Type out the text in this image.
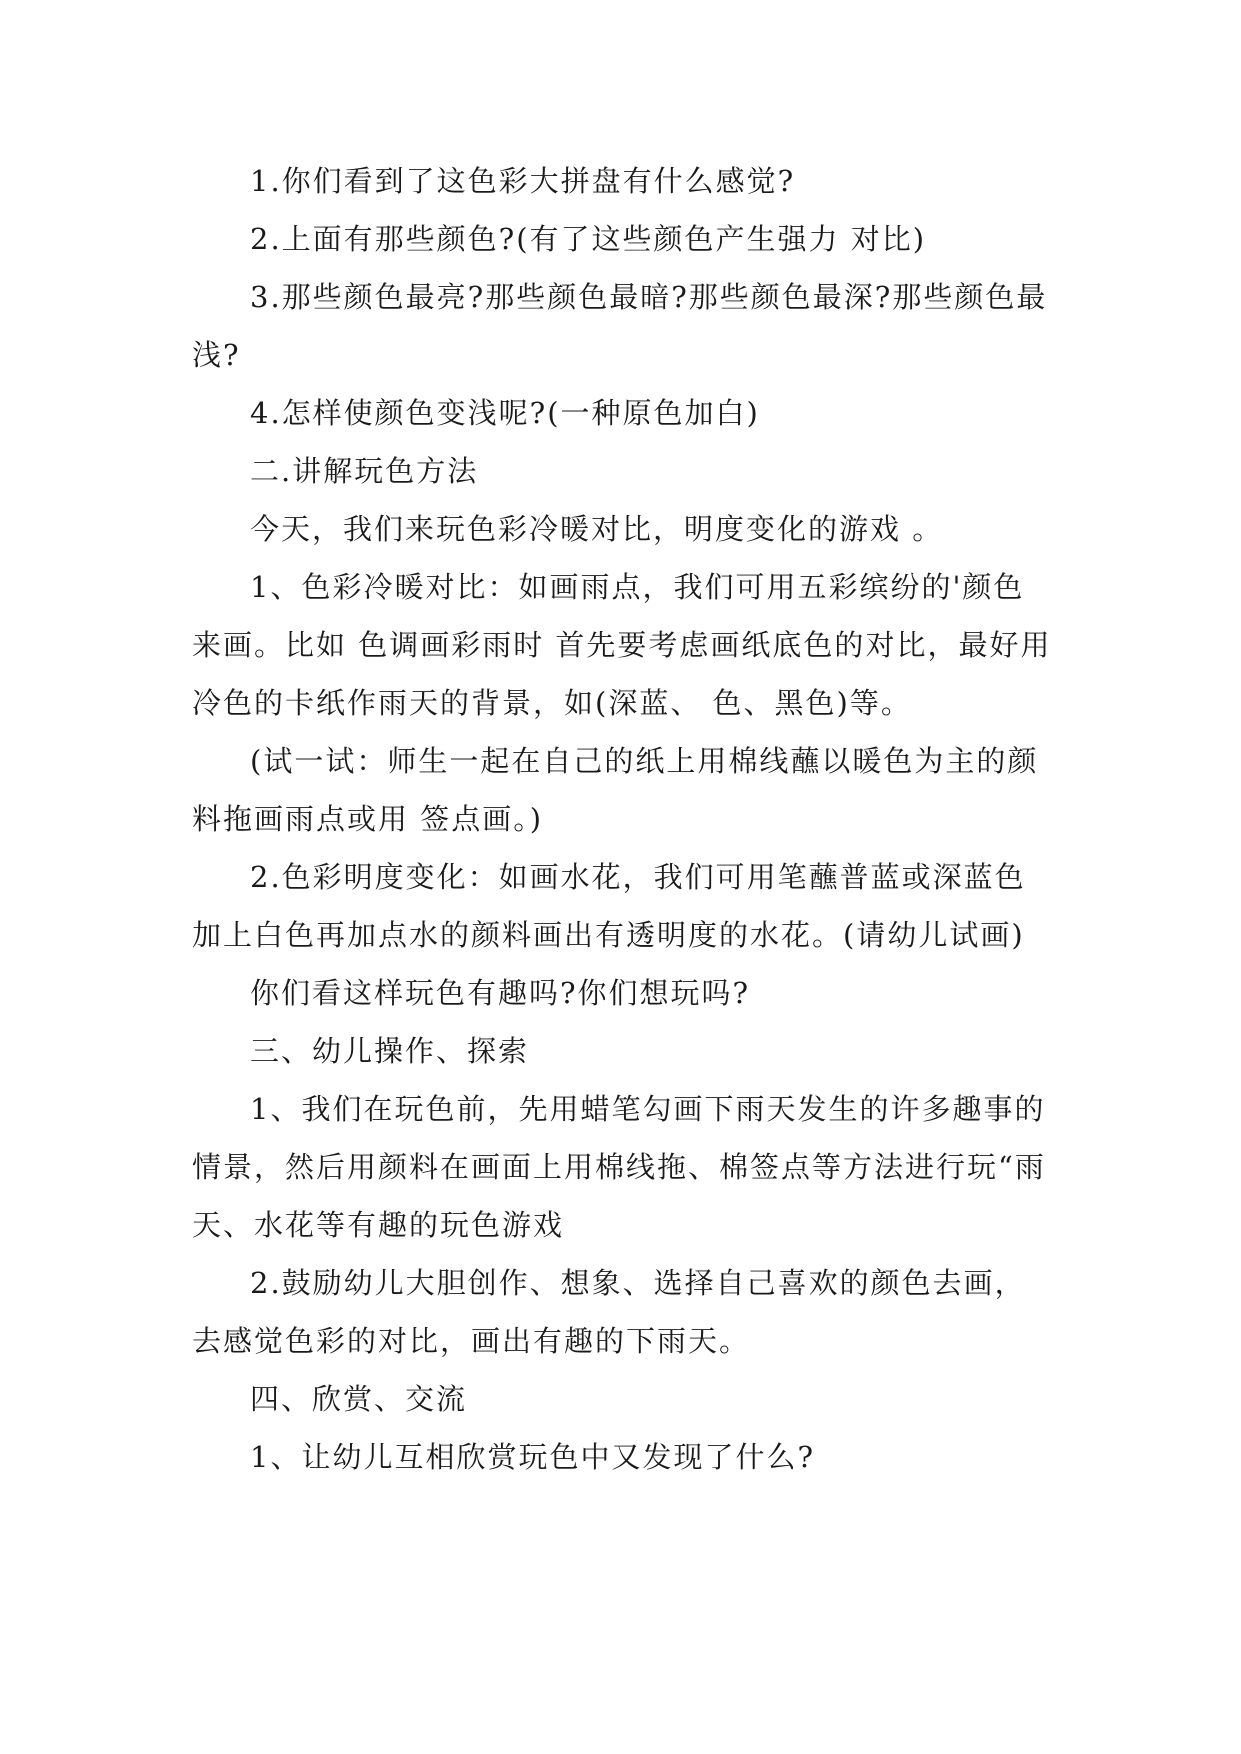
1.你们看到了这色彩大拼盘有什么感觉?

2.上面有那些颜色?(有了这些颜色产生强力 对比)

3.那些颜色最亮?那些颜色最暗?那些颜色最深?那些颜色最浅?

4.怎样使颜色变浅呢?(一种原色加白)

二.讲解玩色方法

今天，我们来玩色彩冷暖对比，明度变化的游戏 。

1、色彩冷暖对比：如画雨点，我们可用五彩缤纷的'颜色来画。比如 色调画彩雨时 首先要考虑画纸底色的对比，最好用冷色的卡纸作雨天的背景，如(深蓝、 色、黑色)等。

(试一试：师生一起在自己的纸上用棉线蘸以暖色为主的颜料拖画雨点或用 签点画。)

2.色彩明度变化：如画水花，我们可用笔蘸普蓝或深蓝色加上白色再加点水的颜料画出有透明度的水花。(请幼儿试画)

你们看这样玩色有趣吗?你们想玩吗?

三、幼儿操作、探索

1、我们在玩色前，先用蜡笔勾画下雨天发生的许多趣事的情景，然后用颜料在画面上用棉线拖、棉签点等方法进行玩“雨天、水花等有趣的玩色游戏

2.鼓励幼儿大胆创作、想象、选择自己喜欢的颜色去画，去感觉色彩的对比，画出有趣的下雨天。

四、欣赏、交流

1、让幼儿互相欣赏玩色中又发现了什么?
